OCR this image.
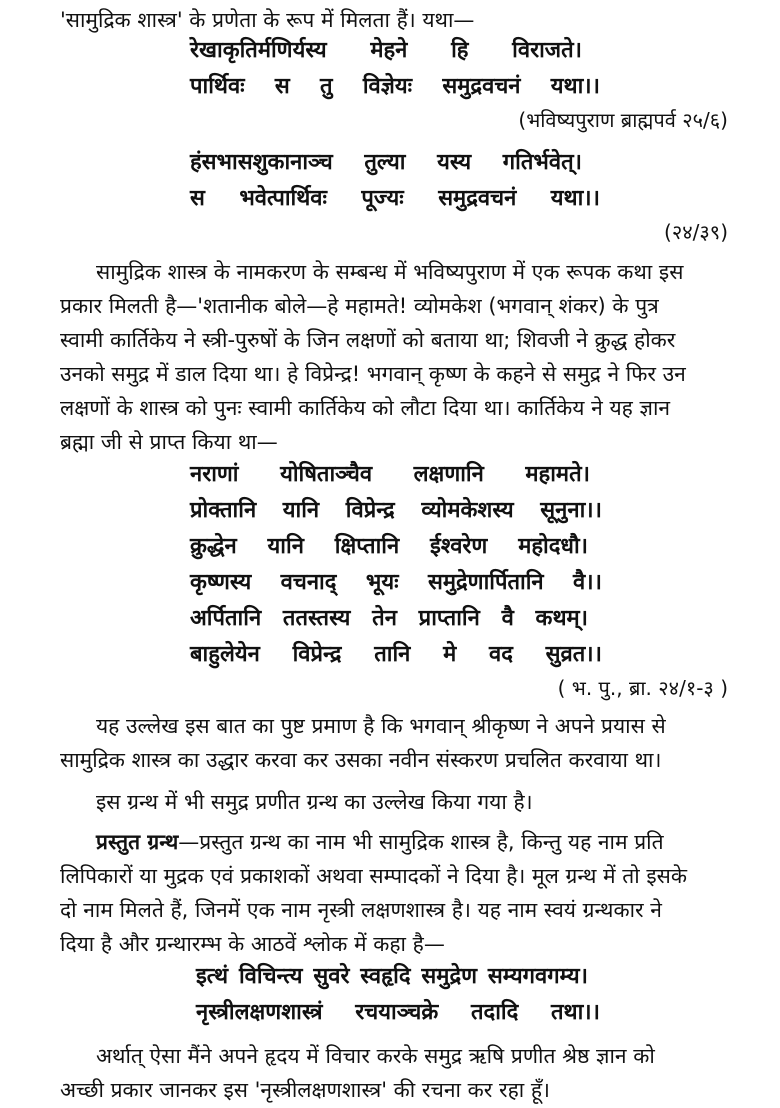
'सामुद्रिक शास्त्र' के प्रणेता के रूप में मिलता हैं। यथा—
रेखाकृतिर्मणिर्यस्य मेहने हि विराजते।
पार्थिवः स तु विज्ञेयः समुद्रवचनं यथा।।
(भविष्यपुराण ब्राह्मपर्व २५/६)
हंसभासशुकानाञ्च तुल्या यस्य गतिर्भवेत्।
स भवेत्पार्थिवः पूज्यः समुद्रवचनं यथा।।
(२४/३९)
सामुद्रिक शास्त्र के नामकरण के सम्बन्ध में भविष्यपुराण में एक रूपक कथा इस
प्रकार मिलती है—'शतानीक बोले—हे महामते! व्योमकेश (भगवान् शंकर) के पुत्र
स्वामी कार्तिकेय ने स्त्री-पुरुषों के जिन लक्षणों को बताया था; शिवजी ने क्रुद्ध होकर
उनको समुद्र में डाल दिया था। हे विप्रेन्द्र! भगवान् कृष्ण के कहने से समुद्र ने फिर उन
लक्षणों के शास्त्र को पुनः स्वामी कार्तिकेय को लौटा दिया था। कार्तिकेय ने यह ज्ञान
ब्रह्मा जी से प्राप्त किया था—
नराणां योषिताञ्चैव लक्षणानि महामते।
प्रोक्तानि यानि विप्रेन्द्र व्योमकेशस्य सूनुना।।
क्रुद्धेन यानि क्षिप्तानि ईश्वरेण महोदधौ।
कृष्णस्य वचनाद् भूयः समुद्रेणार्पितानि वै।।
अर्पितानि ततस्तस्य तेन प्राप्तानि वै कथम्।
बाहुलेयेन विप्रेन्द्र तानि मे वद सुव्रत।।
( भ. पु., ब्रा. २४/१-३ )
यह उल्लेख इस बात का पुष्ट प्रमाण है कि भगवान् श्रीकृष्ण ने अपने प्रयास से
सामुद्रिक शास्त्र का उद्धार करवा कर उसका नवीन संस्करण प्रचलित करवाया था।
इस ग्रन्थ में भी समुद्र प्रणीत ग्रन्थ का उल्लेख किया गया है।
प्रस्तुत ग्रन्थ—प्रस्तुत ग्रन्थ का नाम भी सामुद्रिक शास्त्र है, किन्तु यह नाम प्रति
लिपिकारों या मुद्रक एवं प्रकाशकों अथवा सम्पादकों ने दिया है। मूल ग्रन्थ में तो इसके
दो नाम मिलते हैं, जिनमें एक नाम नृस्त्री लक्षणशास्त्र है। यह नाम स्वयं ग्रन्थकार ने
दिया है और ग्रन्थारम्भ के आठवें श्लोक में कहा है—
इत्थं विचिन्त्य सुवरे स्वहृदि समुद्रेण सम्यगवगम्य।
नृस्त्रीलक्षणशास्त्रं रचयाञ्चक्रे तदादि तथा।।
अर्थात् ऐसा मैंने अपने हृदय में विचार करके समुद्र ऋषि प्रणीत श्रेष्ठ ज्ञान को
अच्छी प्रकार जानकर इस 'नृस्त्रीलक्षणशास्त्र' की रचना कर रहा हूँ।
